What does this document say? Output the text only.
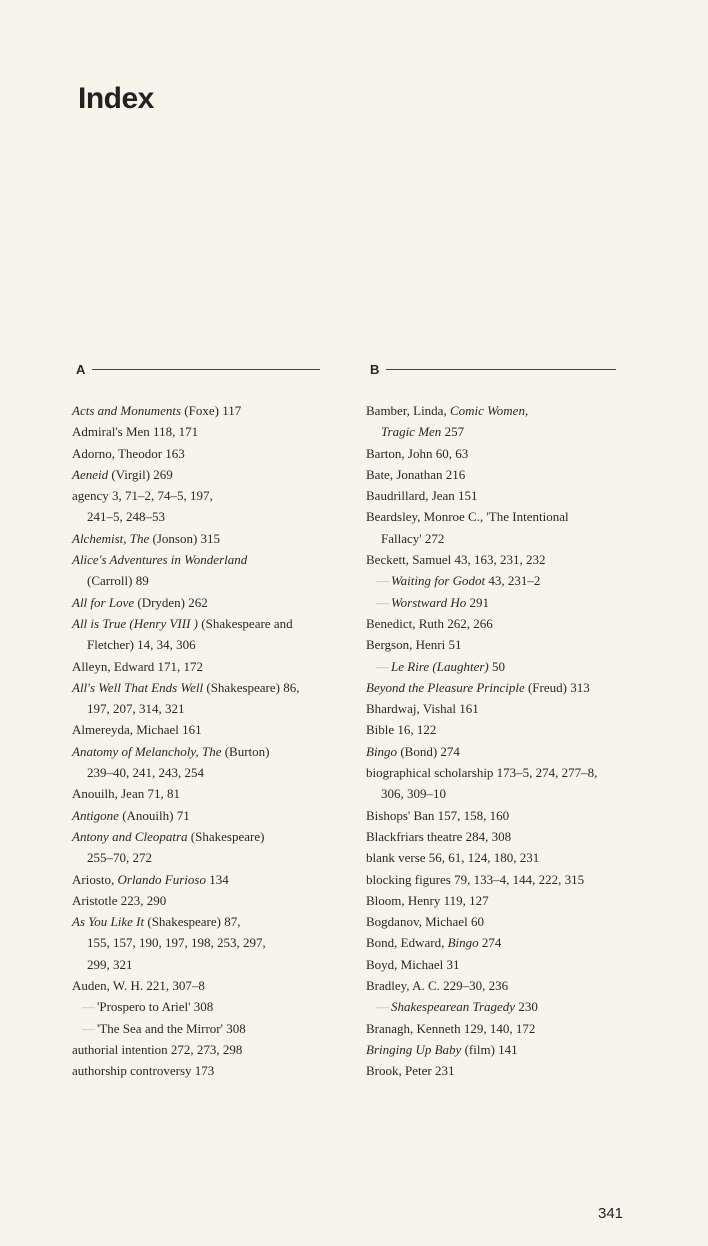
Index
A

Acts and Monuments (Foxe) 117

Admiral's Men 118, 171

Adorno, Theodor 163

Aeneid (Virgil) 269

agency 3, 71–2, 74–5, 197,
241–5, 248–53

Alchemist, The (Jonson) 315

Alice's Adventures in Wonderland
(Carroll) 89

All for Love (Dryden) 262

All is True (Henry VIII ) (Shakespeare and
Fletcher) 14, 34, 306

Alleyn, Edward 171, 172

All's Well That Ends Well (Shakespeare) 86,
197, 207, 314, 321

Almereyda, Michael 161

Anatomy of Melancholy, The (Burton)
239–40, 241, 243, 254

Anouilh, Jean 71, 81

Antigone (Anouilh) 71

Antony and Cleopatra (Shakespeare)
255–70, 272

Ariosto, Orlando Furioso 134

Aristotle 223, 290

As You Like It (Shakespeare) 87,
155, 157, 190, 197, 198, 253, 297,

299, 321

Auden, W. H. 221, 307–8

— 'Prospero to Ariel' 308

— 'The Sea and the Mirror' 308

authorial intention 272, 273, 298

authorship controversy 173

B

Bamber, Linda, Comic Women,
Tragic Men 257

Barton, John 60, 63

Bate, Jonathan 216

Baudrillard, Jean 151

Beardsley, Monroe C., 'The Intentional
Fallacy' 272

Beckett, Samuel 43, 163, 231, 232

— Waiting for Godot 43, 231–2

— Worstward Ho 291

Benedict, Ruth 262, 266

Bergson, Henri 51

— Le Rire (Laughter) 50

Beyond the Pleasure Principle (Freud) 313

Bhardwaj, Vishal 161

Bible 16, 122

Bingo (Bond) 274

biographical scholarship 173–5, 274, 277–8,
306, 309–10

Bishops' Ban 157, 158, 160

Blackfriars theatre 284, 308

blank verse 56, 61, 124, 180, 231

blocking figures 79, 133–4, 144, 222, 315

Bloom, Henry 119, 127

Bogdanov, Michael 60

Bond, Edward, Bingo 274

Boyd, Michael 31

Bradley, A. C. 229–30, 236

— Shakespearean Tragedy 230

Branagh, Kenneth 129, 140, 172

Bringing Up Baby (film) 141

Brook, Peter 231

341
